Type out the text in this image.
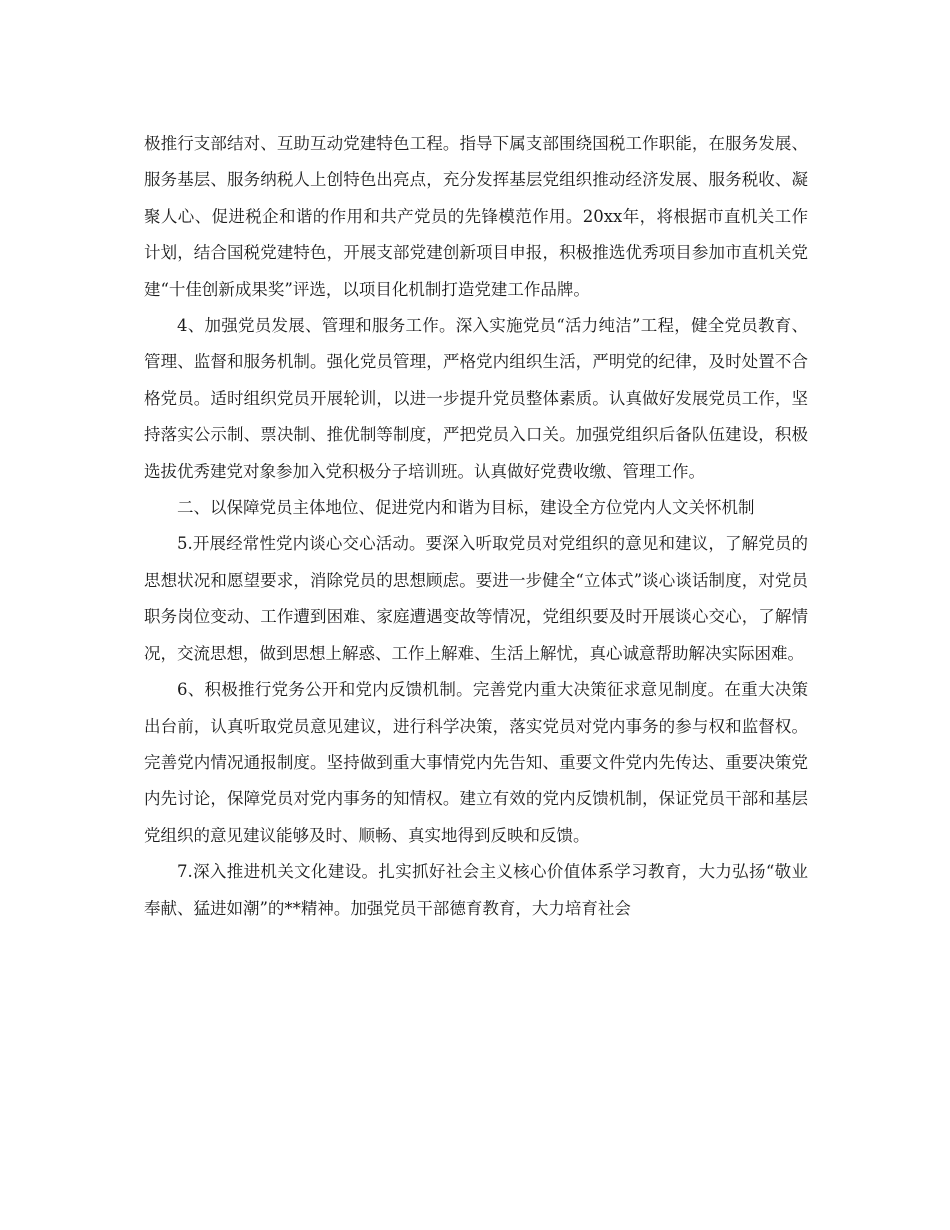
极推行支部结对、互助互动党建特色工程。指导下属支部围绕国税工作职能，在服务发展、服务基层、服务纳税人上创特色出亮点，充分发挥基层党组织推动经济发展、服务税收、凝聚人心、促进税企和谐的作用和共产党员的先锋模范作用。20xx年，将根据市直机关工作计划，结合国税党建特色，开展支部党建创新项目申报，积极推选优秀项目参加市直机关党建“十佳创新成果奖”评选，以项目化机制打造党建工作品牌。

4、加强党员发展、管理和服务工作。深入实施党员“活力纯洁”工程，健全党员教育、管理、监督和服务机制。强化党员管理，严格党内组织生活，严明党的纪律，及时处置不合格党员。适时组织党员开展轮训，以进一步提升党员整体素质。认真做好发展党员工作，坚持落实公示制、票决制、推优制等制度，严把党员入口关。加强党组织后备队伍建设，积极选拔优秀建党对象参加入党积极分子培训班。认真做好党费收缴、管理工作。

二、以保障党员主体地位、促进党内和谐为目标，建设全方位党内人文关怀机制

5.开展经常性党内谈心交心活动。要深入听取党员对党组织的意见和建议，了解党员的思想状况和愿望要求，消除党员的思想顾虑。要进一步健全“立体式”谈心谈话制度，对党员职务岗位变动、工作遭到困难、家庭遭遇变故等情况，党组织要及时开展谈心交心，了解情况，交流思想，做到思想上解惑、工作上解难、生活上解忧，真心诚意帮助解决实际困难。

6、积极推行党务公开和党内反馈机制。完善党内重大决策征求意见制度。在重大决策出台前，认真听取党员意见建议，进行科学决策，落实党员对党内事务的参与权和监督权。完善党内情况通报制度。坚持做到重大事情党内先告知、重要文件党内先传达、重要决策党内先讨论，保障党员对党内事务的知情权。建立有效的党内反馈机制，保证党员干部和基层党组织的意见建议能够及时、顺畅、真实地得到反映和反馈。

7.深入推进机关文化建设。扎实抓好社会主义核心价值体系学习教育，大力弘扬“敬业奉献、猛进如潮”的**精神。加强党员干部德育教育，大力培育社会
